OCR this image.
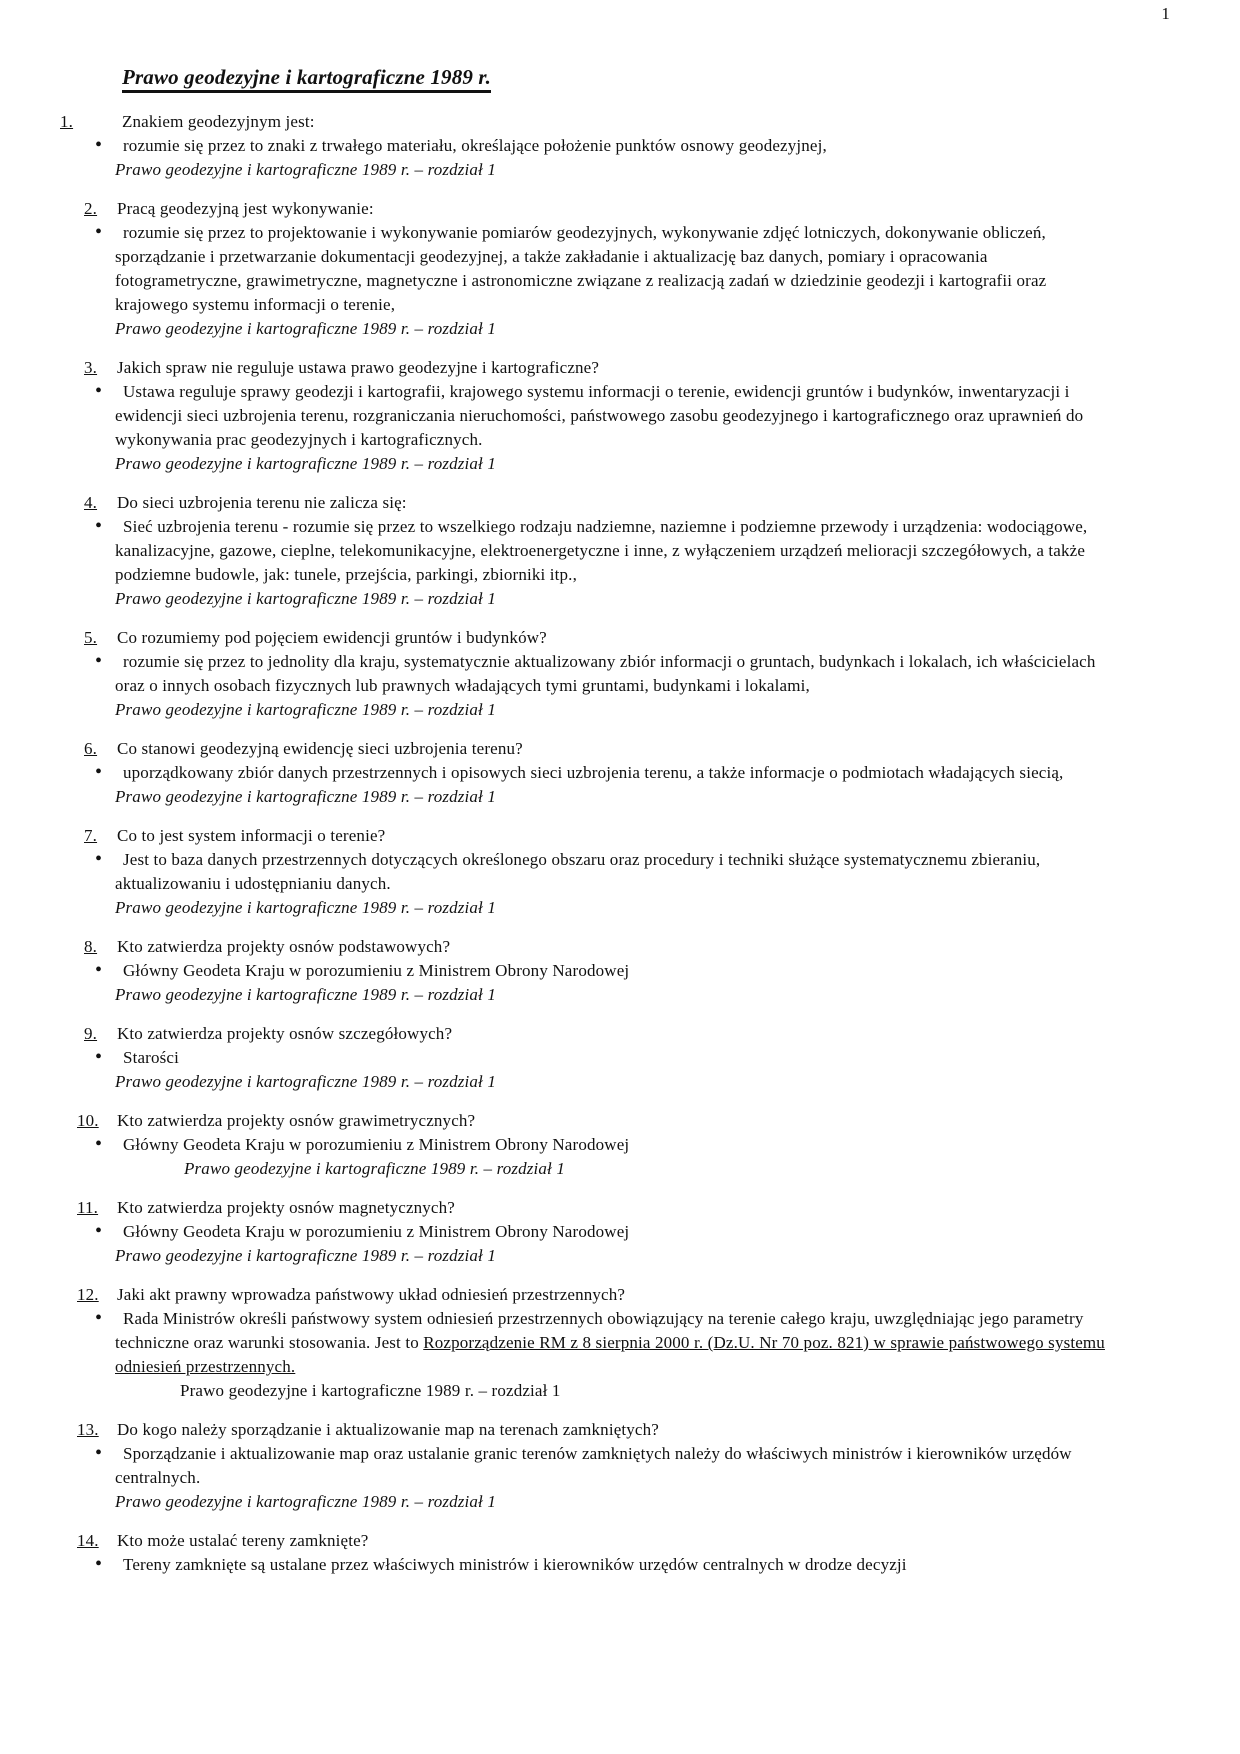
1
Prawo geodezyjne i kartograficzne 1989 r.
1.	Znakiem geodezyjnym jest:
• rozumie się przez to znaki z trwałego materiału, określające położenie punktów osnowy geodezyjnej,
Prawo geodezyjne i kartograficzne 1989 r. – rozdział 1
2.	Pracą geodezyjną jest wykonywanie:
• rozumie się przez to projektowanie i wykonywanie pomiarów geodezyjnych, wykonywanie zdjęć lotniczych, dokonywanie obliczeń, sporządzanie i przetwarzanie dokumentacji geodezyjnej, a także zakładanie i aktualizację baz danych, pomiary i opracowania fotogrametryczne, grawimetryczne, magnetyczne i astronomiczne związane z realizacją zadań w dziedzinie geodezji i kartografii oraz krajowego systemu informacji o terenie,
Prawo geodezyjne i kartograficzne 1989 r. – rozdział 1
3.	Jakich spraw nie reguluje ustawa prawo geodezyjne i kartograficzne?
• Ustawa reguluje sprawy geodezji i kartografii, krajowego systemu informacji o terenie, ewidencji gruntów i budynków, inwentaryzacji i ewidencji sieci uzbrojenia terenu, rozgraniczania nieruchomości, państwowego zasobu geodezyjnego i kartograficznego oraz uprawnień do wykonywania prac geodezyjnych i kartograficznych.
Prawo geodezyjne i kartograficzne 1989 r. – rozdział 1
4.	Do sieci uzbrojenia terenu nie zalicza się:
• Sieć uzbrojenia terenu - rozumie się przez to wszelkiego rodzaju nadziemne, naziemne i podziemne przewody i urządzenia: wodociągowe, kanalizacyjne, gazowe, cieplne, telekomunikacyjne, elektroenergetyczne i inne, z wyłączeniem urządzeń melioracji szczegółowych, a także podziemne budowle, jak: tunele, przejścia, parkingi, zbiorniki itp.,
Prawo geodezyjne i kartograficzne 1989 r. – rozdział 1
5.	Co rozumiemy pod pojęciem ewidencji gruntów i budynków?
• rozumie się przez to jednolity dla kraju, systematycznie aktualizowany zbiór informacji o gruntach, budynkach i lokalach, ich właścicielach oraz o innych osobach fizycznych lub prawnych władających tymi gruntami, budynkami i lokalami,
Prawo geodezyjne i kartograficzne 1989 r. – rozdział 1
6.	Co stanowi geodezyjną ewidencję sieci uzbrojenia terenu?
• uporządkowany zbiór danych przestrzennych i opisowych sieci uzbrojenia terenu, a także informacje o podmiotach władających siecią,
Prawo geodezyjne i kartograficzne 1989 r. – rozdział 1
7.	Co to jest system informacji o terenie?
• Jest to baza danych przestrzennych dotyczących określonego obszaru oraz procedury i techniki służące systematycznemu zbieraniu, aktualizowaniu i udostępnianiu danych.
Prawo geodezyjne i kartograficzne 1989 r. – rozdział 1
8.	Kto zatwierdza projekty osnów podstawowych?
• Główny Geodeta Kraju w porozumieniu z Ministrem Obrony Narodowej
Prawo geodezyjne i kartograficzne 1989 r. – rozdział 1
9.	Kto zatwierdza projekty osnów szczegółowych?
• Starości
Prawo geodezyjne i kartograficzne 1989 r. – rozdział 1
10.	Kto zatwierdza projekty osnów grawimetrycznych?
• Główny Geodeta Kraju w porozumieniu z Ministrem Obrony Narodowej
Prawo geodezyjne i kartograficzne 1989 r. – rozdział 1
11.	Kto zatwierdza projekty osnów magnetycznych?
• Główny Geodeta Kraju w porozumieniu z Ministrem Obrony Narodowej
Prawo geodezyjne i kartograficzne 1989 r. – rozdział 1
12.	Jaki akt prawny wprowadza państwowy układ odniesień przestrzennych?
• Rada Ministrów określi państwowy system odniesień przestrzennych obowiązujący na terenie całego kraju, uwzględniając jego parametry techniczne oraz warunki stosowania. Jest to Rozporządzenie RM z 8 sierpnia 2000 r. (Dz.U. Nr 70 poz. 821) w sprawie państwowego systemu odniesień przestrzennych.
Prawo geodezyjne i kartograficzne 1989 r. – rozdział 1
13.	Do kogo należy sporządzanie i aktualizowanie map na terenach zamkniętych?
• Sporządzanie i aktualizowanie map oraz ustalanie granic terenów zamkniętych należy do właściwych ministrów i kierowników urzędów centralnych.
Prawo geodezyjne i kartograficzne 1989 r. – rozdział 1
14.	Kto może ustalać tereny zamknięte?
• Tereny zamknięte są ustalane przez właściwych ministrów i kierowników urzędów centralnych w drodze decyzji
